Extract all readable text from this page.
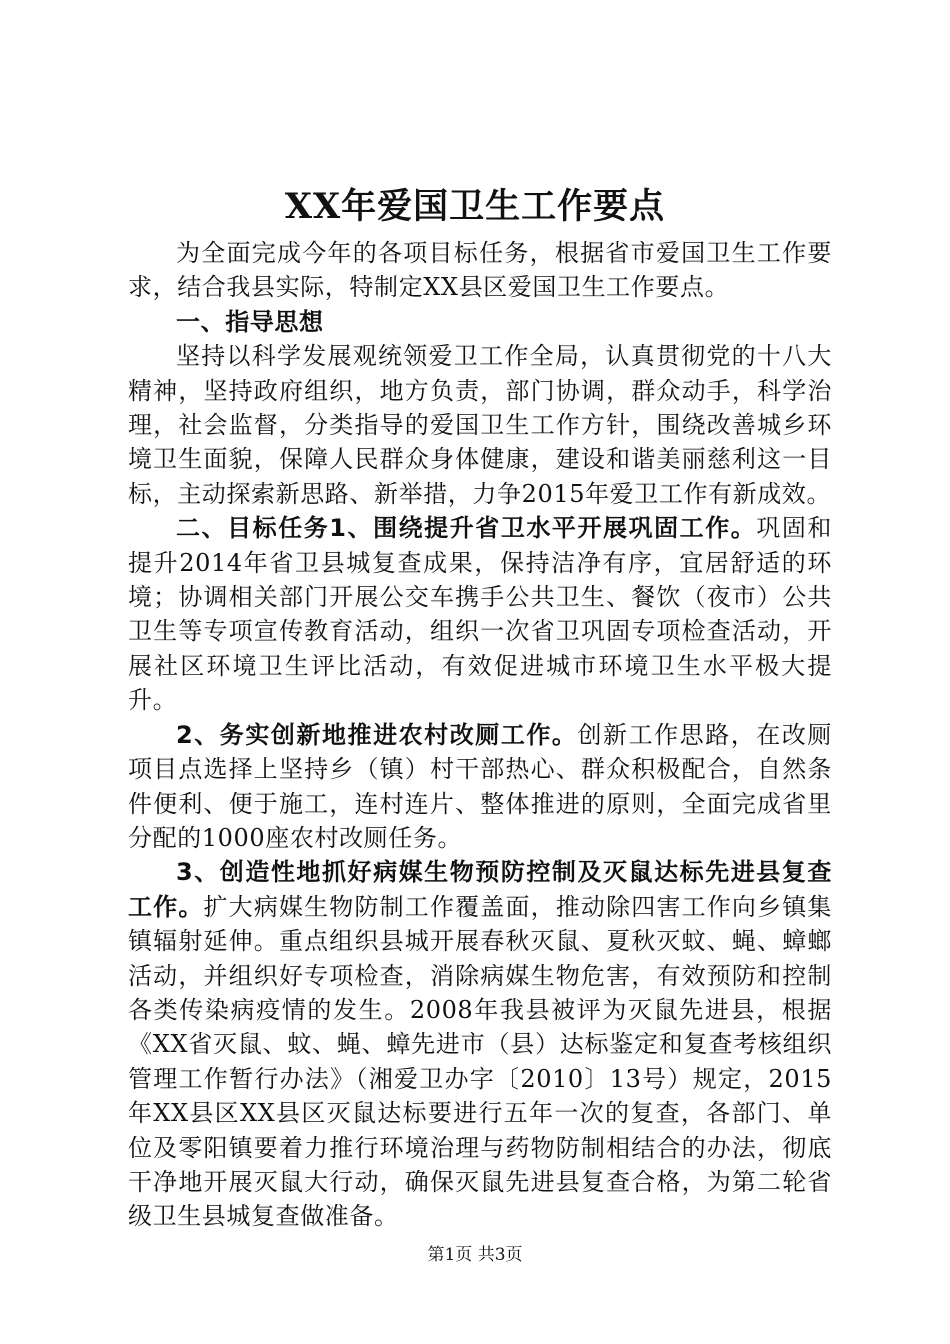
XX年爱国卫生工作要点

为全面完成今年的各项目标任务，根据省市爱国卫生工作要求，结合我县实际，特制定XX县区爱国卫生工作要点。

一、指导思想

坚持以科学发展观统领爱卫工作全局，认真贯彻党的十八大精神，坚持政府组织，地方负责，部门协调，群众动手，科学治理，社会监督，分类指导的爱国卫生工作方针，围绕改善城乡环境卫生面貌，保障人民群众身体健康，建设和谐美丽慈利这一目标，主动探索新思路、新举措，力争2015年爱卫工作有新成效。

二、目标任务1、围绕提升省卫水平开展巩固工作。巩固和提升2014年省卫县城复查成果，保持洁净有序，宜居舒适的环境；协调相关部门开展公交车携手公共卫生、餐饮（夜市）公共卫生等专项宣传教育活动，组织一次省卫巩固专项检查活动，开展社区环境卫生评比活动，有效促进城市环境卫生水平极大提升。

2、务实创新地推进农村改厕工作。创新工作思路，在改厕项目点选择上坚持乡（镇）村干部热心、群众积极配合，自然条件便利、便于施工，连村连片、整体推进的原则，全面完成省里分配的1000座农村改厕任务。

3、创造性地抓好病媒生物预防控制及灭鼠达标先进县复查工作。扩大病媒生物防制工作覆盖面，推动除四害工作向乡镇集镇辐射延伸。重点组织县城开展春秋灭鼠、夏秋灭蚊、蝇、蟑螂活动，并组织好专项检查，消除病媒生物危害，有效预防和控制各类传染病疫情的发生。2008年我县被评为灭鼠先进县，根据《XX省灭鼠、蚊、蝇、蟑先进市（县）达标鉴定和复查考核组织管理工作暂行办法》（湘爱卫办字〔2010〕13号）规定，2015年XX县区XX县区灭鼠达标要进行五年一次的复查，各部门、单位及零阳镇要着力推行环境治理与药物防制相结合的办法，彻底干净地开展灭鼠大行动，确保灭鼠先进县复查合格，为第二轮省级卫生县城复查做准备。

第1页 共3页
